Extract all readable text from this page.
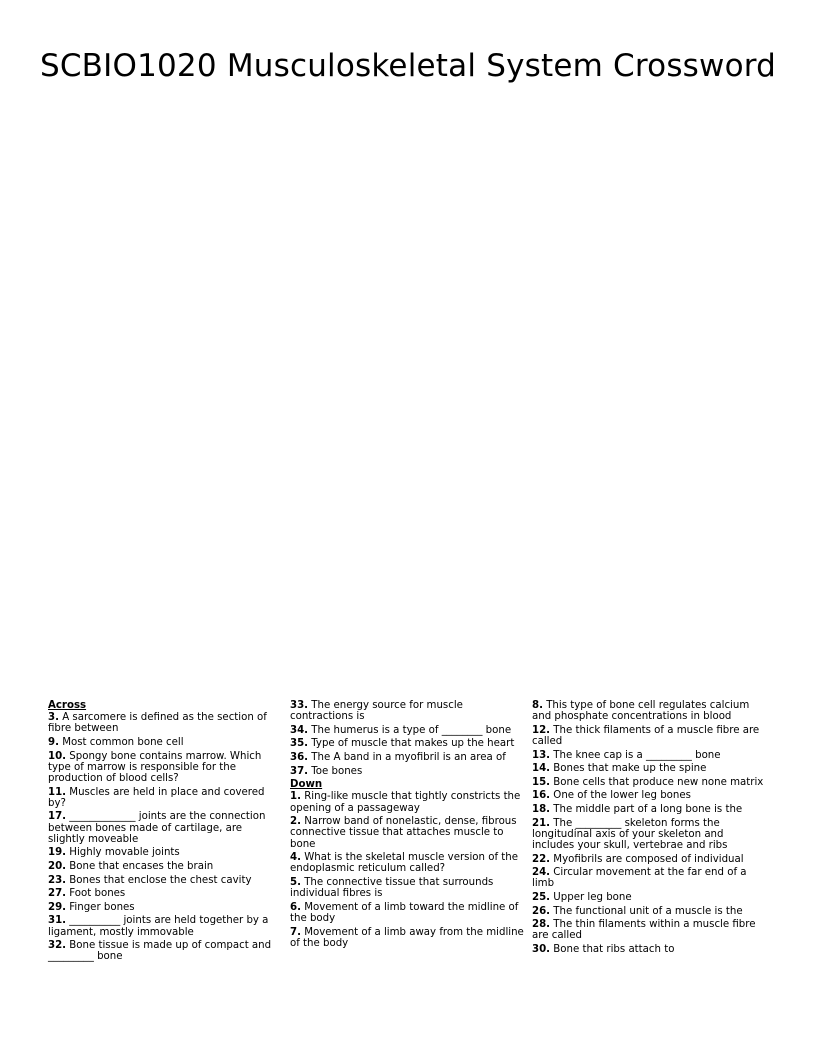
SCBIO1020 Musculoskeletal System Crossword
Across
3. A sarcomere is defined as the section of fibre between
9. Most common bone cell
10. Spongy bone contains marrow. Which type of marrow is responsible for the production of blood cells?
11. Muscles are held in place and covered by?
17. _____________ joints are the connection between bones made of cartilage, are slightly moveable
19. Highly movable joints
20. Bone that encases the brain
23. Bones that enclose the chest cavity
27. Foot bones
29. Finger bones
31. __________ joints are held together by a ligament, mostly immovable
32. Bone tissue is made up of compact and _________ bone
33. The energy source for muscle contractions is
34. The humerus is a type of ________ bone
35. Type of muscle that makes up the heart
36. The A band in a myofibril is an area of
37. Toe bones
Down
1. Ring-like muscle that tightly constricts the opening of a passageway
2. Narrow band of nonelastic, dense, fibrous connective tissue that attaches muscle to bone
4. What is the skeletal muscle version of the endoplasmic reticulum called?
5. The connective tissue that surrounds individual fibres is
6. Movement of a limb toward the midline of the body
7. Movement of a limb away from the midline of the body
8. This type of bone cell regulates calcium and phosphate concentrations in blood
12. The thick filaments of a muscle fibre are called
13. The knee cap is a _________ bone
14. Bones that make up the spine
15. Bone cells that produce new none matrix
16. One of the lower leg bones
18. The middle part of a long bone is the
21. The _________ skeleton forms the longitudinal axis of your skeleton and includes your skull, vertebrae and ribs
22. Myofibrils are composed of individual
24. Circular movement at the far end of a limb
25. Upper leg bone
26. The functional unit of a muscle is the
28. The thin filaments within a muscle fibre are called
30. Bone that ribs attach to
